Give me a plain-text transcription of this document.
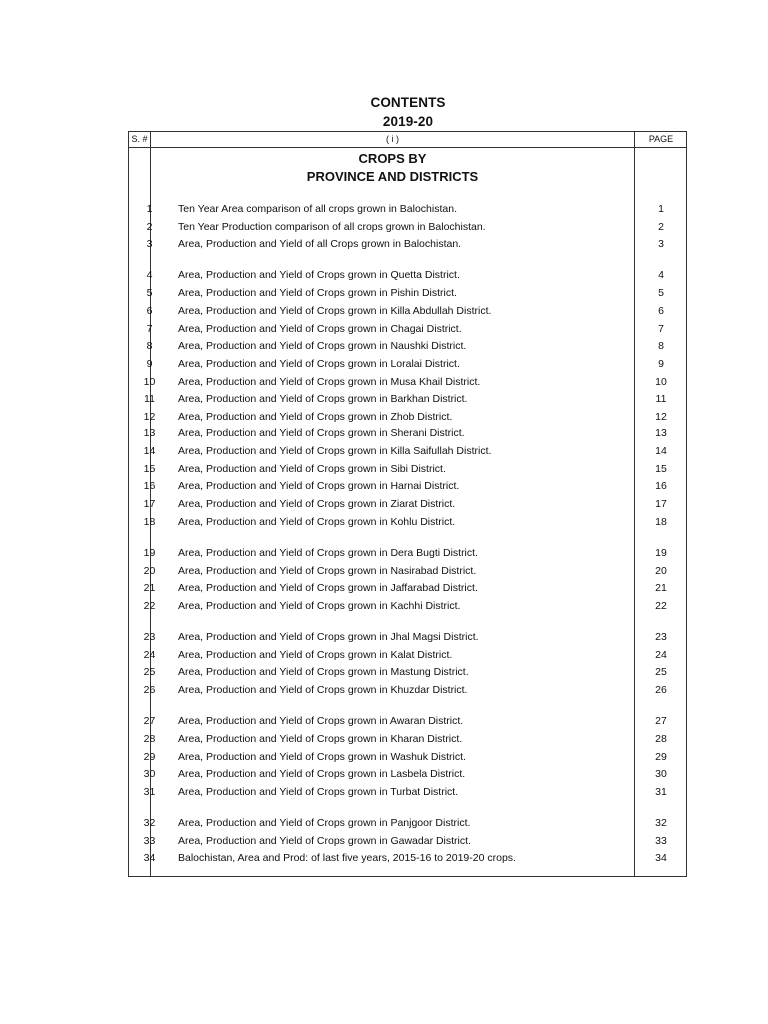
CONTENTS
2019-20
S. #	( i )	PAGE
CROPS BY
PROVINCE AND DISTRICTS
1	Ten Year Area comparison of all crops grown in Balochistan.	1
2	Ten Year Production comparison of all crops grown in Balochistan.	2
3	Area, Production and Yield of all Crops grown in Balochistan.	3
4	Area, Production and Yield of Crops grown in Quetta District.	4
5	Area, Production and Yield of Crops grown in Pishin District.	5
6	Area, Production and Yield of Crops grown in Killa Abdullah District.	6
7	Area, Production and Yield of Crops grown in Chagai District.	7
8	Area, Production and Yield of Crops grown in Naushki District.	8
9	Area, Production and Yield of Crops grown in Loralai District.	9
10	Area, Production and Yield of Crops grown in Musa Khail District.	10
11	Area, Production and Yield of Crops grown in Barkhan District.	11
12	Area, Production and Yield of Crops grown in Zhob District.	12
13	Area, Production and Yield of Crops grown in Sherani District.	13
14	Area, Production and Yield of Crops grown in Killa Saifullah District.	14
15	Area, Production and Yield of Crops grown in Sibi District.	15
16	Area, Production and Yield of Crops grown in Harnai District.	16
17	Area, Production and Yield of Crops grown in Ziarat District.	17
18	Area, Production and Yield of Crops grown in Kohlu District.	18
19	Area, Production and Yield of Crops grown in Dera Bugti District.	19
20	Area, Production and Yield of Crops grown in Nasirabad District.	20
21	Area, Production and Yield of Crops grown in Jaffarabad District.	21
22	Area, Production and Yield of Crops grown in Kachhi District.	22
23	Area, Production and Yield of Crops grown in Jhal Magsi District.	23
24	Area, Production and Yield of Crops grown in Kalat District.	24
25	Area, Production and Yield of Crops grown in Mastung District.	25
26	Area, Production and Yield of Crops grown in Khuzdar District.	26
27	Area, Production and Yield of Crops grown in Awaran District.	27
28	Area, Production and Yield of Crops grown in Kharan District.	28
29	Area, Production and Yield of Crops grown in Washuk District.	29
30	Area, Production and Yield of Crops grown in Lasbela District.	30
31	Area, Production and Yield of Crops grown in Turbat District.	31
32	Area, Production and Yield of Crops grown in Panjgoor District.	32
33	Area, Production and Yield of Crops grown in Gawadar District.	33
34	Balochistan, Area and Prod: of last five years, 2015-16 to 2019-20 crops.	34
